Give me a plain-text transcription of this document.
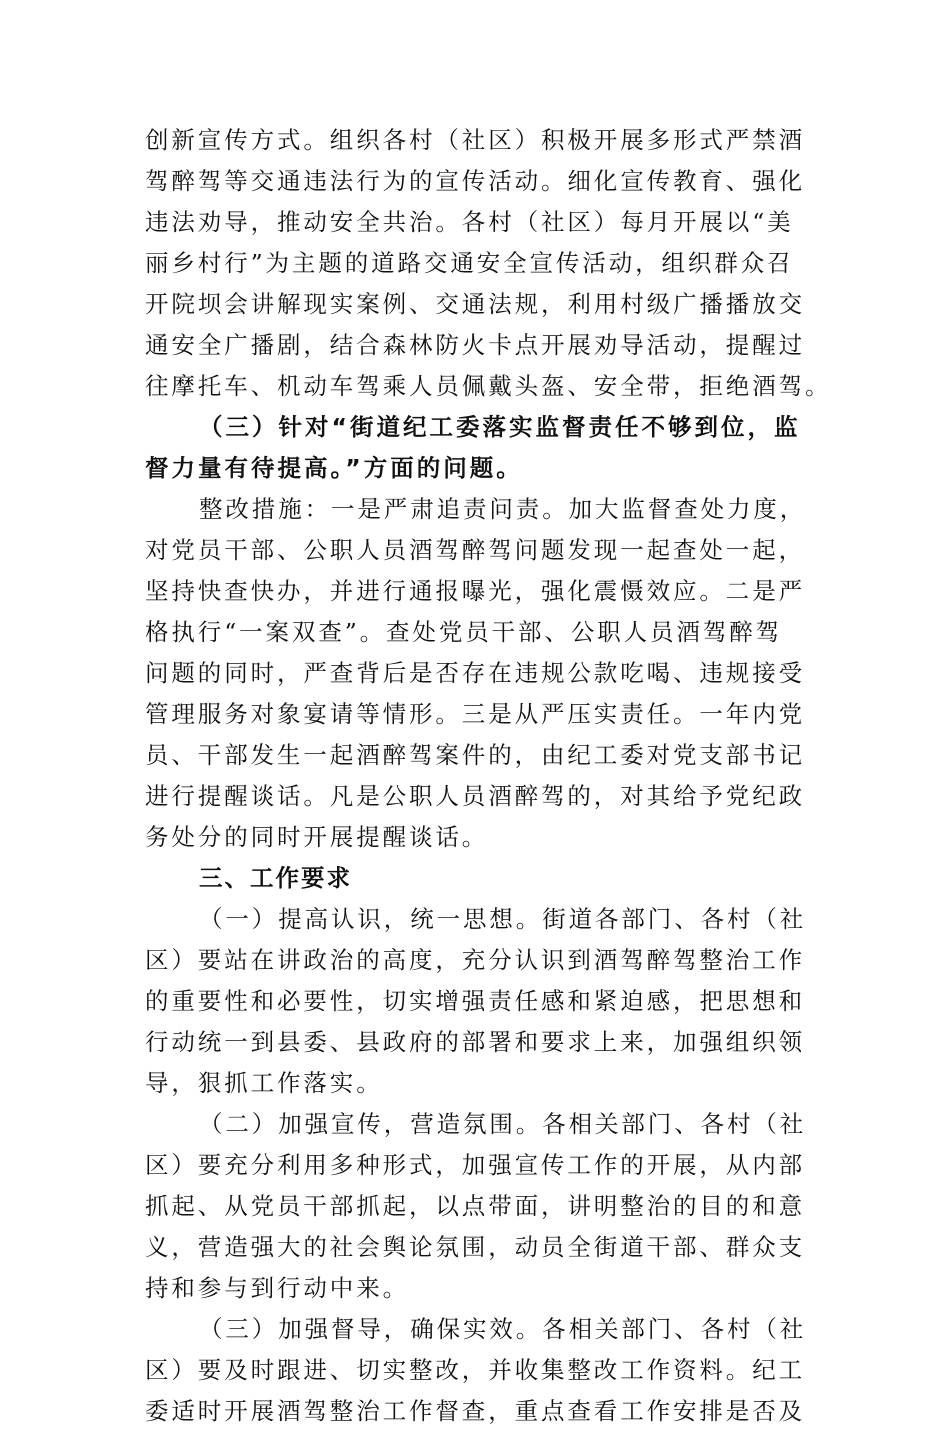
创新宣传方式。组织各村（社区）积极开展多形式严禁酒
驾醉驾等交通违法行为的宣传活动。细化宣传教育、强化
违法劝导，推动安全共治。各村（社区）每月开展以“美
丽乡村行”为主题的道路交通安全宣传活动，组织群众召
开院坝会讲解现实案例、交通法规，利用村级广播播放交
通安全广播剧，结合森林防火卡点开展劝导活动，提醒过
往摩托车、机动车驾乘人员佩戴头盔、安全带，拒绝酒驾。
（三）针对“街道纪工委落实监督责任不够到位，监
督力量有待提高。”方面的问题。
整改措施：一是严肃追责问责。加大监督查处力度，
对党员干部、公职人员酒驾醉驾问题发现一起查处一起，
坚持快查快办，并进行通报曝光，强化震慑效应。二是严
格执行“一案双查”。查处党员干部、公职人员酒驾醉驾
问题的同时，严查背后是否存在违规公款吃喝、违规接受
管理服务对象宴请等情形。三是从严压实责任。一年内党
员、干部发生一起酒醉驾案件的，由纪工委对党支部书记
进行提醒谈话。凡是公职人员酒醉驾的，对其给予党纪政
务处分的同时开展提醒谈话。
三、工作要求
（一）提高认识，统一思想。街道各部门、各村（社
区）要站在讲政治的高度，充分认识到酒驾醉驾整治工作
的重要性和必要性，切实增强责任感和紧迫感，把思想和
行动统一到县委、县政府的部署和要求上来，加强组织领
导，狠抓工作落实。
（二）加强宣传，营造氛围。各相关部门、各村（社
区）要充分利用多种形式，加强宣传工作的开展，从内部
抓起、从党员干部抓起，以点带面，讲明整治的目的和意
义，营造强大的社会舆论氛围，动员全街道干部、群众支
持和参与到行动中来。
（三）加强督导，确保实效。各相关部门、各村（社
区）要及时跟进、切实整改，并收集整改工作资料。纪工
委适时开展酒驾整治工作督查，重点查看工作安排是否及
